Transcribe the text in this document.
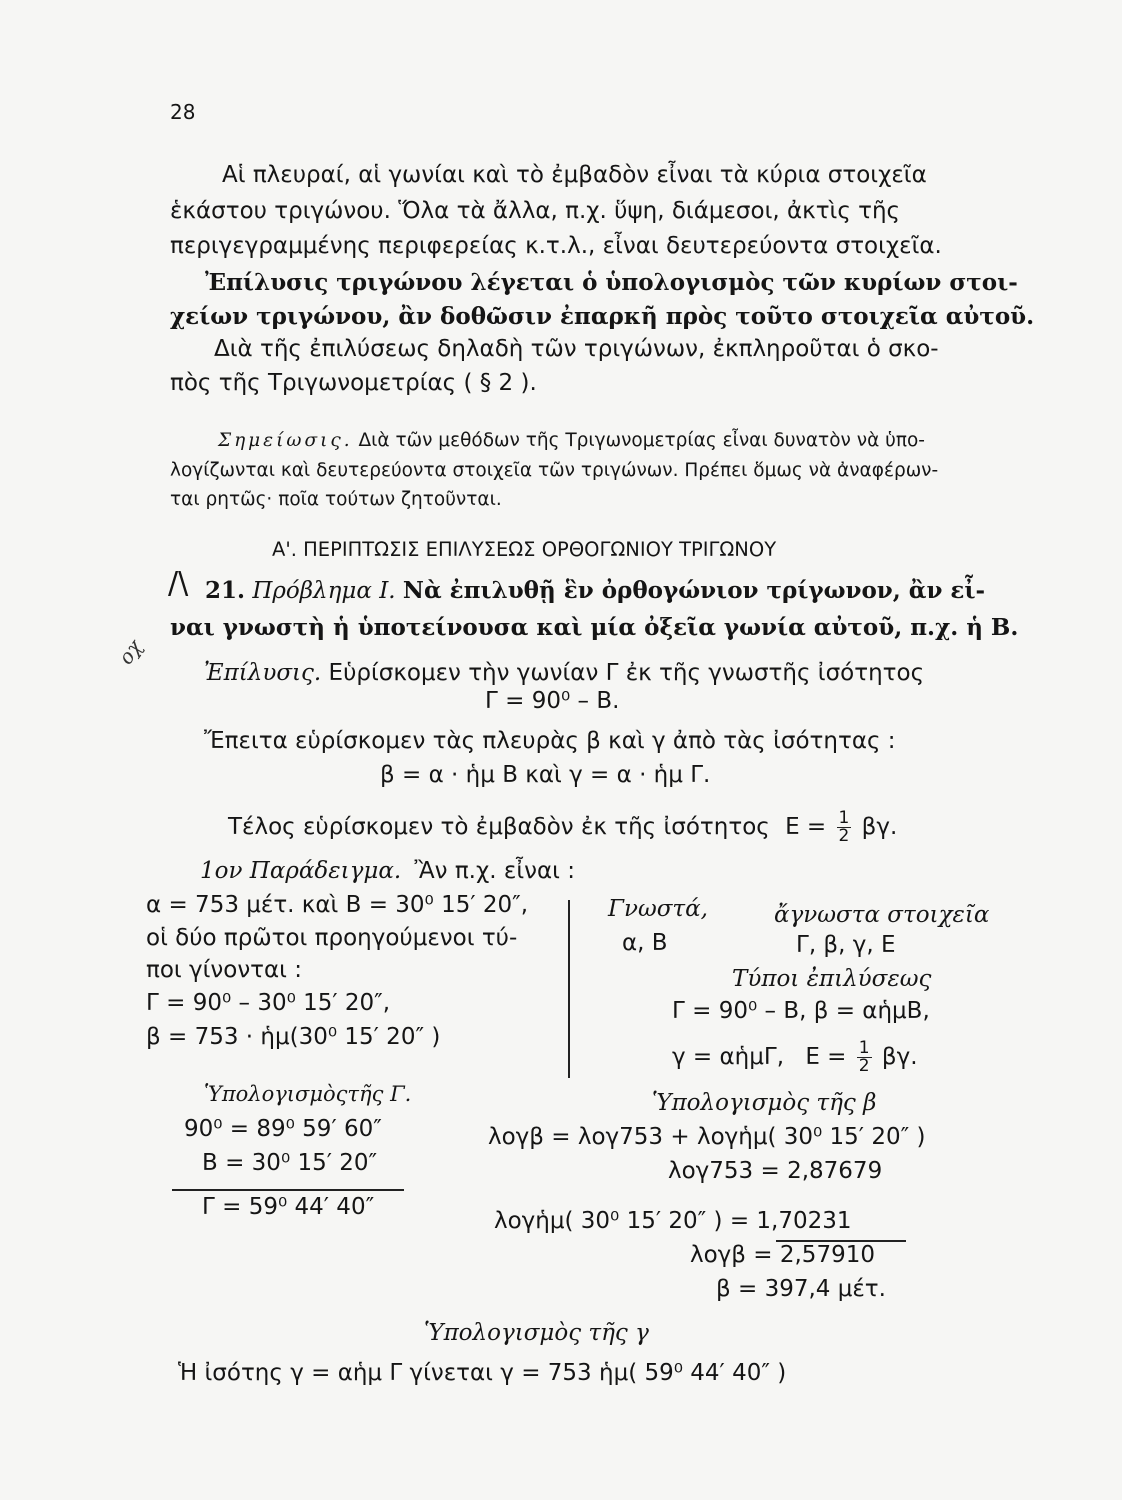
28
Αἱ πλευραί, αἱ γωνίαι καὶ τὸ ἐμβαδὸν εἶναι τὰ κύρια στοιχεῖα
ἑκάστου τριγώνου. Ὅλα τὰ ἄλλα, π.χ. ὕψη, διάμεσοι, ἀκτὶς τῆς
περιγεγραμμένης περιφερείας κ.τ.λ., εἶναι δευτερεύοντα στοιχεῖα.
Ἐπίλυσις τριγώνου λέγεται ὁ ὑπολογισμὸς τῶν κυρίων στοι-
χείων τριγώνου, ἂν δοθῶσιν ἐπαρκῆ πρὸς τοῦτο στοιχεῖα αὐτοῦ.
Διὰ τῆς ἐπιλύσεως δηλαδὴ τῶν τριγώνων, ἐκπληροῦται ὁ σκο-
πὸς τῆς Τριγωνομετρίας ( § 2 ).
Σημείωσις. Διὰ τῶν μεθόδων τῆς Τριγωνομετρίας εἶναι δυνατὸν νὰ ὑπο-
λογίζωνται καὶ δευτερεύοντα στοιχεῖα τῶν τριγώνων. Πρέπει ὅμως νὰ ἀναφέρων-
ται ρητῶς· ποῖα τούτων ζητοῦνται.
Α'. ΠΕΡΙΠΤΩΣΙΣ ΕΠΙΛΥΣΕΩΣ ΟΡΘΟΓΩΝΙΟΥ ΤΡΙΓΩΝΟΥ
/\
οχ
21. Πρόβλημα Ι. Νὰ ἐπιλυθῇ ἓν ὀρθογώνιον τρίγωνον, ἂν εἶ-
ναι γνωστὴ ἡ ὑποτείνουσα καὶ μία ὀξεῖα γωνία αὐτοῦ, π.χ. ἡ Β.
Ἐπίλυσις. Εὑρίσκομεν τὴν γωνίαν Γ ἐκ τῆς γνωστῆς ἰσότητος
Γ = 90⁰ – Β.
Ἔπειτα εὑρίσκομεν τὰς πλευρὰς β καὶ γ ἀπὸ τὰς ἰσότητας :
β = α · ἡμ Β καὶ γ = α · ἡμ Γ.
Τέλος εὑρίσκομεν τὸ ἐμβαδὸν ἐκ τῆς ἰσότητος $E = \frac{1}{2} \beta\gamma$.
1ον Παράδειγμα. Ἂν π.χ. εἶναι :
α = 753 μέτ. καὶ Β = 30⁰ 15′ 20″,
οἱ δύο πρῶτοι προηγούμενοι τύ-
ποι γίνονται :
Γ = 90⁰ – 30⁰ 15′ 20″,
β = 753 · ἡμ(30⁰ 15′ 20″ )
Γνωστά,	ἄγνωστα στοιχεῖα
α, Β	Γ, β, γ, Ε
Τύποι ἐπιλύσεως
Γ = 90⁰ – Β, β = αἡμΒ,
γ = αἡμΓ, $E = \frac{1}{2} \beta\gamma$.
Ὑπολογισμὸςτῆς Γ.
90⁰ = 89⁰ 59′ 60″
Β = 30⁰ 15′ 20″
Γ = 59⁰ 44′ 40″
Ὑπολογισμὸς τῆς β
λογβ = λογ753 + λογἡμ( 30⁰ 15′ 20″ )
λογ753 = 2,87679
λογἡμ( 30⁰ 15′ 20″ ) = 1,70231
λογβ = 2,57910
β = 397,4 μέτ.
Ὑπολογισμὸς τῆς γ
Ἡ ἰσότης γ = αἡμ Γ γίνεται γ = 753 ἡμ( 59⁰ 44′ 40″ )
